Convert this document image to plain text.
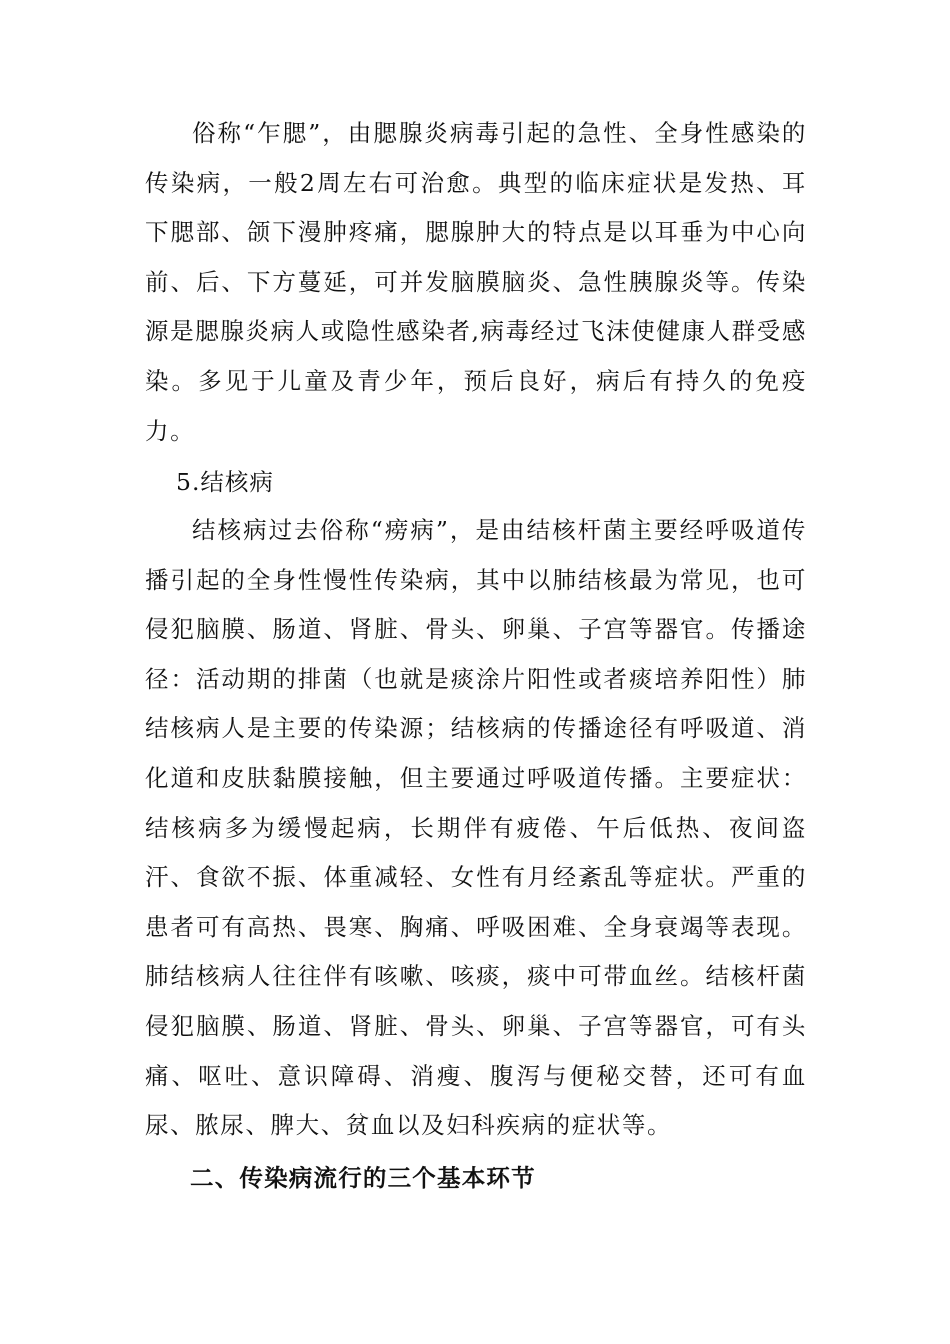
俗称“乍腮”，由腮腺炎病毒引起的急性、全身性感染的传染病，一般2周左右可治愈。典型的临床症状是发热、耳下腮部、颌下漫肿疼痛，腮腺肿大的特点是以耳垂为中心向前、后、下方蔓延，可并发脑膜脑炎、急性胰腺炎等。传染源是腮腺炎病人或隐性感染者,病毒经过飞沫使健康人群受感染。多见于儿童及青少年，预后良好，病后有持久的免疫力。

5.结核病

结核病过去俗称“痨病”，是由结核杆菌主要经呼吸道传播引起的全身性慢性传染病，其中以肺结核最为常见，也可侵犯脑膜、肠道、肾脏、骨头、卵巢、子宫等器官。传播途径：活动期的排菌（也就是痰涂片阳性或者痰培养阳性）肺结核病人是主要的传染源；结核病的传播途径有呼吸道、消化道和皮肤黏膜接触，但主要通过呼吸道传播。主要症状：结核病多为缓慢起病，长期伴有疲倦、午后低热、夜间盗汗、食欲不振、体重减轻、女性有月经紊乱等症状。严重的患者可有高热、畏寒、胸痛、呼吸困难、全身衰竭等表现。肺结核病人往往伴有咳嗽、咳痰，痰中可带血丝。结核杆菌侵犯脑膜、肠道、肾脏、骨头、卵巢、子宫等器官，可有头痛、呕吐、意识障碍、消瘦、腹泻与便秘交替，还可有血尿、脓尿、脾大、贫血以及妇科疾病的症状等。

二、传染病流行的三个基本环节
